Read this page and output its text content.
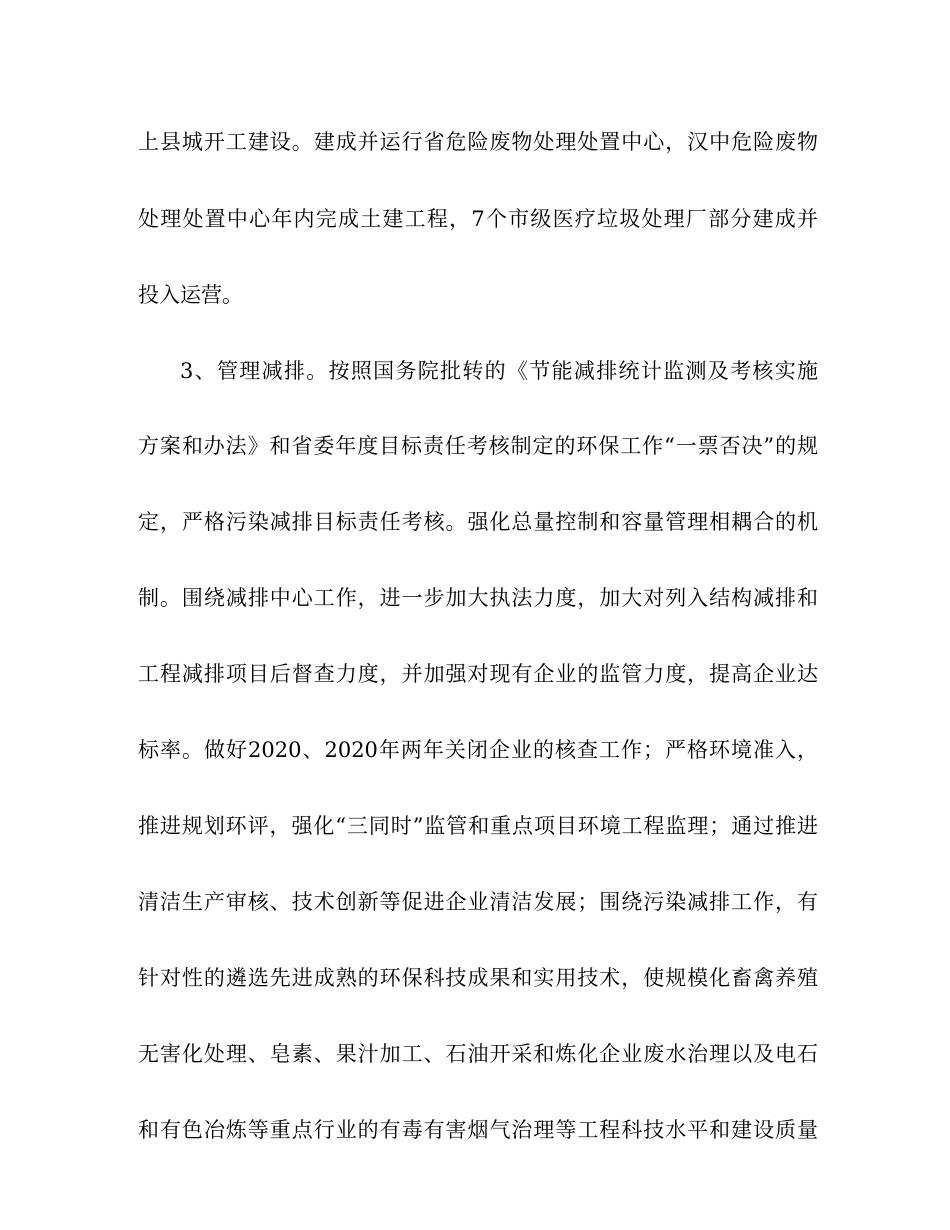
上县城开工建设。建成并运行省危险废物处理处置中心，汉中危险废物
处理处置中心年内完成土建工程，7个市级医疗垃圾处理厂部分建成并
投入运营。
3、管理减排。按照国务院批转的《节能减排统计监测及考核实施
方案和办法》和省委年度目标责任考核制定的环保工作“一票否决”的规
定，严格污染减排目标责任考核。强化总量控制和容量管理相耦合的机
制。围绕减排中心工作，进一步加大执法力度，加大对列入结构减排和
工程减排项目后督查力度，并加强对现有企业的监管力度，提高企业达
标率。做好2020、2020年两年关闭企业的核查工作；严格环境准入，
推进规划环评，强化“三同时”监管和重点项目环境工程监理；通过推进
清洁生产审核、技术创新等促进企业清洁发展；围绕污染减排工作，有
针对性的遴选先进成熟的环保科技成果和实用技术，使规模化畜禽养殖
无害化处理、皂素、果汁加工、石油开采和炼化企业废水治理以及电石
和有色冶炼等重点行业的有毒有害烟气治理等工程科技水平和建设质量
